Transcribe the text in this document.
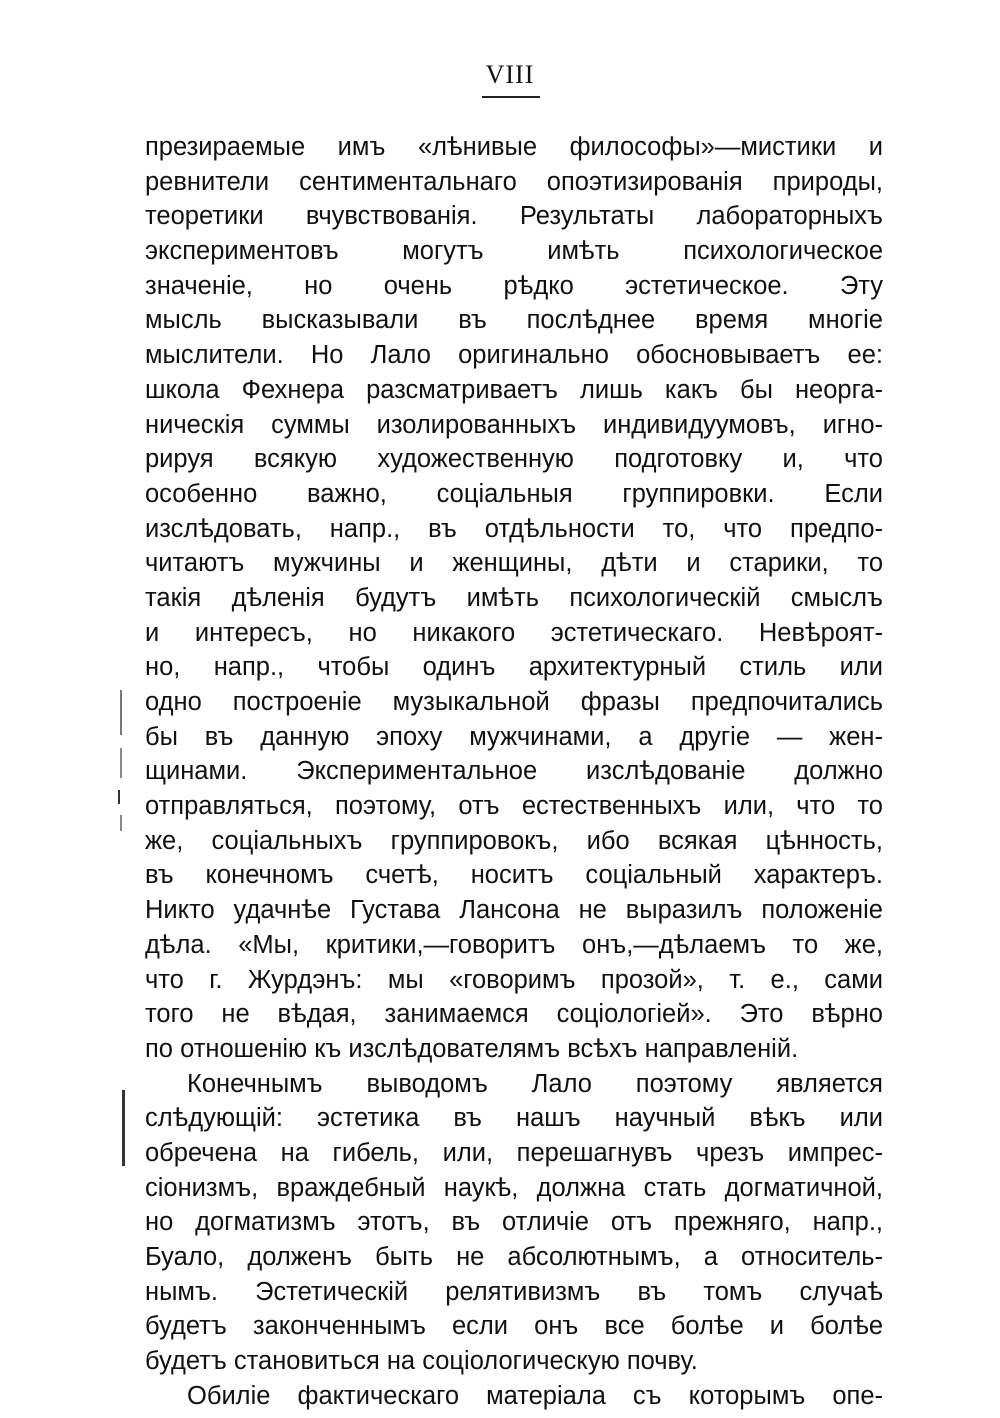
VIII
презираемые имъ «лѣнивые философы»—мистики и
ревнители сентиментальнаго опоэтизированія природы,
теоретики вчувствованія. Результаты лабораторныхъ
экспериментовъ могутъ имѣть психологическое
значеніе, но очень рѣдко эстетическое. Эту
мысль высказывали въ послѣднее время многіе
мыслители. Но Лало оригинально обосновываетъ ее:
школа Фехнера разсматриваетъ лишь какъ бы неорга-
ническія суммы изолированныхъ индивидуумовъ, игно-
рируя всякую художественную подготовку и, что
особенно важно, соціальныя группировки. Если
изслѣдовать, напр., въ отдѣльности то, что предпо-
читаютъ мужчины и женщины, дѣти и старики, то
такія дѣленія будутъ имѣть психологическій смыслъ
и интересъ, но никакого эстетическаго. Невѣроят-
но, напр., чтобы одинъ архитектурный стиль или
одно построеніе музыкальной фразы предпочитались
бы въ данную эпоху мужчинами, а другіе — жен-
щинами. Экспериментальное изслѣдованіе должно
отправляться, поэтому, отъ естественныхъ или, что то
же, соціальныхъ группировокъ, ибо всякая цѣнность,
въ конечномъ счетѣ, носитъ соціальный характеръ.
Никто удачнѣе Густава Лансона не выразилъ положеніе
дѣла. «Мы, критики,—говоритъ онъ,—дѣлаемъ то же,
что г. Журдэнъ: мы «говоримъ прозой», т. е., сами
того не вѣдая, занимаемся соціологіей». Это вѣрно
по отношенію къ изслѣдователямъ всѣхъ направленій.
Конечнымъ выводомъ Лало поэтому является
слѣдующій: эстетика въ нашъ научный вѣкъ или
обречена на гибель, или, перешагнувъ чрезъ импрес-
сіонизмъ, враждебный наукѣ, должна стать догматичной,
но догматизмъ этотъ, въ отличіе отъ прежняго, напр.,
Буало, долженъ быть не абсолютнымъ, а относитель-
нымъ. Эстетическій релятивизмъ въ томъ случаѣ
будетъ законченнымъ если онъ все болѣе и болѣе
будетъ становиться на соціологическую почву.
Обиліе фактическаго матеріала съ которымъ опе-
